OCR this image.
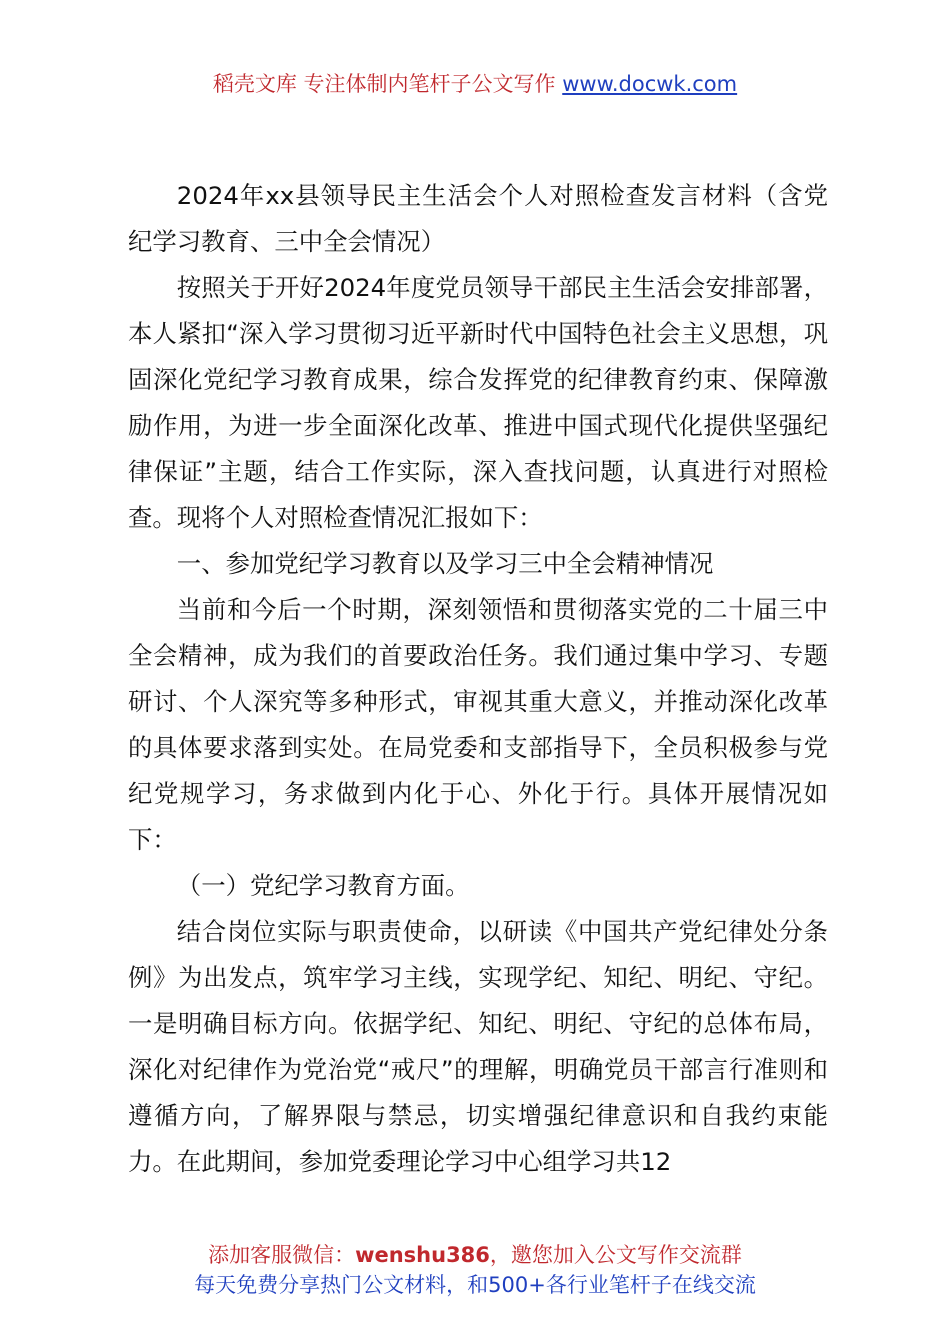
稻壳文库 专注体制内笔杆子公文写作 www.docwk.com

2024年xx县领导民主生活会个人对照检查发言材料（含党纪学习教育、三中全会情况）

按照关于开好2024年度党员领导干部民主生活会安排部署，本人紧扣“深入学习贯彻习近平新时代中国特色社会主义思想，巩固深化党纪学习教育成果，综合发挥党的纪律教育约束、保障激励作用，为进一步全面深化改革、推进中国式现代化提供坚强纪律保证”主题，结合工作实际，深入查找问题，认真进行对照检查。现将个人对照检查情况汇报如下：

一、参加党纪学习教育以及学习三中全会精神情况

当前和今后一个时期，深刻领悟和贯彻落实党的二十届三中全会精神，成为我们的首要政治任务。我们通过集中学习、专题研讨、个人深究等多种形式，审视其重大意义，并推动深化改革的具体要求落到实处。在局党委和支部指导下，全员积极参与党纪党规学习，务求做到内化于心、外化于行。具体开展情况如下：

（一）党纪学习教育方面。

结合岗位实际与职责使命，以研读《中国共产党纪律处分条例》为出发点，筑牢学习主线，实现学纪、知纪、明纪、守纪。一是明确目标方向。依据学纪、知纪、明纪、守纪的总体布局，深化对纪律作为党治党“戒尺”的理解，明确党员干部言行准则和遵循方向，了解界限与禁忌，切实增强纪律意识和自我约束能力。在此期间，参加党委理论学习中心组学习共12

添加客服微信：wenshu386，邀您加入公文写作交流群
每天免费分享热门公文材料，和500+各行业笔杆子在线交流
